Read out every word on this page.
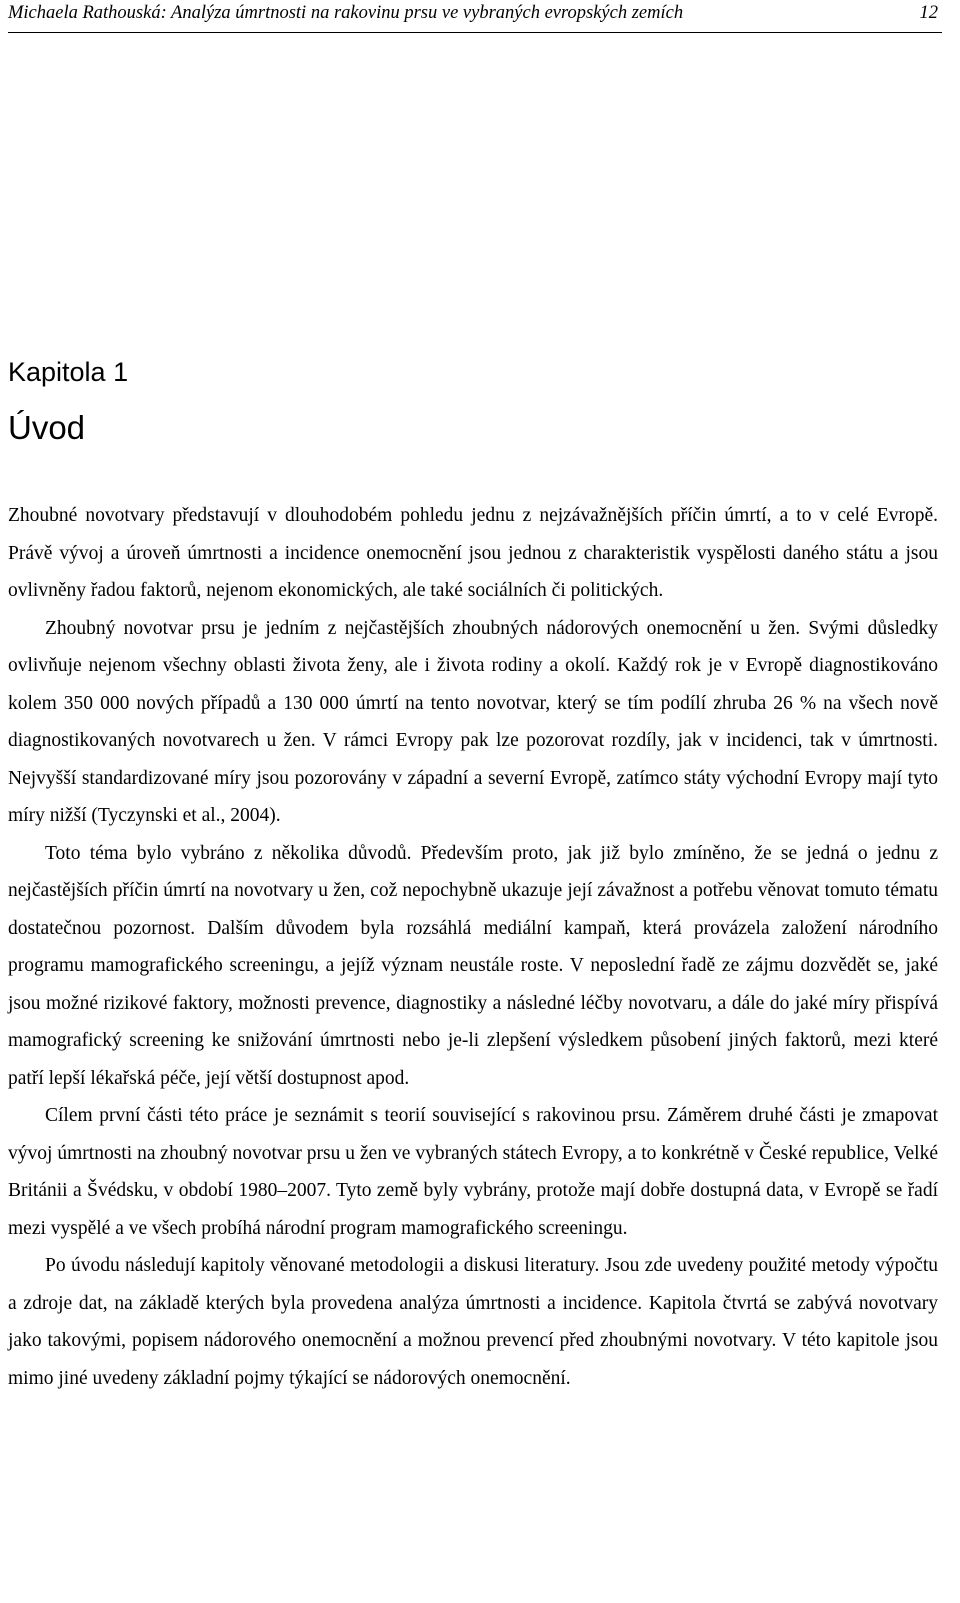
Michaela Rathouská: Analýza úmrtnosti na rakovinu prsu ve vybraných evropských zemích	12
Kapitola 1
Úvod

Zhoubné novotvary představují v dlouhodobém pohledu jednu z nejzávažnějších příčin úmrtí, a to v celé Evropě. Právě vývoj a úroveň úmrtnosti a incidence onemocnění jsou jednou z charakteristik vyspělosti daného státu a jsou ovlivněny řadou faktorů, nejenom ekonomických, ale také sociálních či politických.

Zhoubný novotvar prsu je jedním z nejčastějších zhoubných nádorových onemocnění u žen. Svými důsledky ovlivňuje nejenom všechny oblasti života ženy, ale i života rodiny a okolí. Každý rok je v Evropě diagnostikováno kolem 350 000 nových případů a 130 000 úmrtí na tento novotvar, který se tím podílí zhruba 26 % na všech nově diagnostikovaných novotvarech u žen. V rámci Evropy pak lze pozorovat rozdíly, jak v incidenci, tak v úmrtnosti. Nejvyšší standardizované míry jsou pozorovány v západní a severní Evropě, zatímco státy východní Evropy mají tyto míry nižší (Tyczynski et al., 2004).

Toto téma bylo vybráno z několika důvodů. Především proto, jak již bylo zmíněno, že se jedná o jednu z nejčastějších příčin úmrtí na novotvary u žen, což nepochybně ukazuje její závažnost a potřebu věnovat tomuto tématu dostatečnou pozornost. Dalším důvodem byla rozsáhlá mediální kampaň, která provázela založení národního programu mamografického screeningu, a jejíž význam neustále roste. V neposlední řadě ze zájmu dozvědět se, jaké jsou možné rizikové faktory, možnosti prevence, diagnostiky a následné léčby novotvaru, a dále do jaké míry přispívá mamografický screening ke snižování úmrtnosti nebo je-li zlepšení výsledkem působení jiných faktorů, mezi které patří lepší lékařská péče, její větší dostupnost apod.

Cílem první části této práce je seznámit s teorií související s rakovinou prsu. Záměrem druhé části je zmapovat vývoj úmrtnosti na zhoubný novotvar prsu u žen ve vybraných státech Evropy, a to konkrétně v České republice, Velké Británii a Švédsku, v období 1980–2007. Tyto země byly vybrány, protože mají dobře dostupná data, v Evropě se řadí mezi vyspělé a ve všech probíhá národní program mamografického screeningu.

Po úvodu následují kapitoly věnované metodologii a diskusi literatury. Jsou zde uvedeny použité metody výpočtu a zdroje dat, na základě kterých byla provedena analýza úmrtnosti a incidence. Kapitola čtvrtá se zabývá novotvary jako takovými, popisem nádorového onemocnění a možnou prevencí před zhoubnými novotvary. V této kapitole jsou mimo jiné uvedeny základní pojmy týkající se nádorových onemocnění.
